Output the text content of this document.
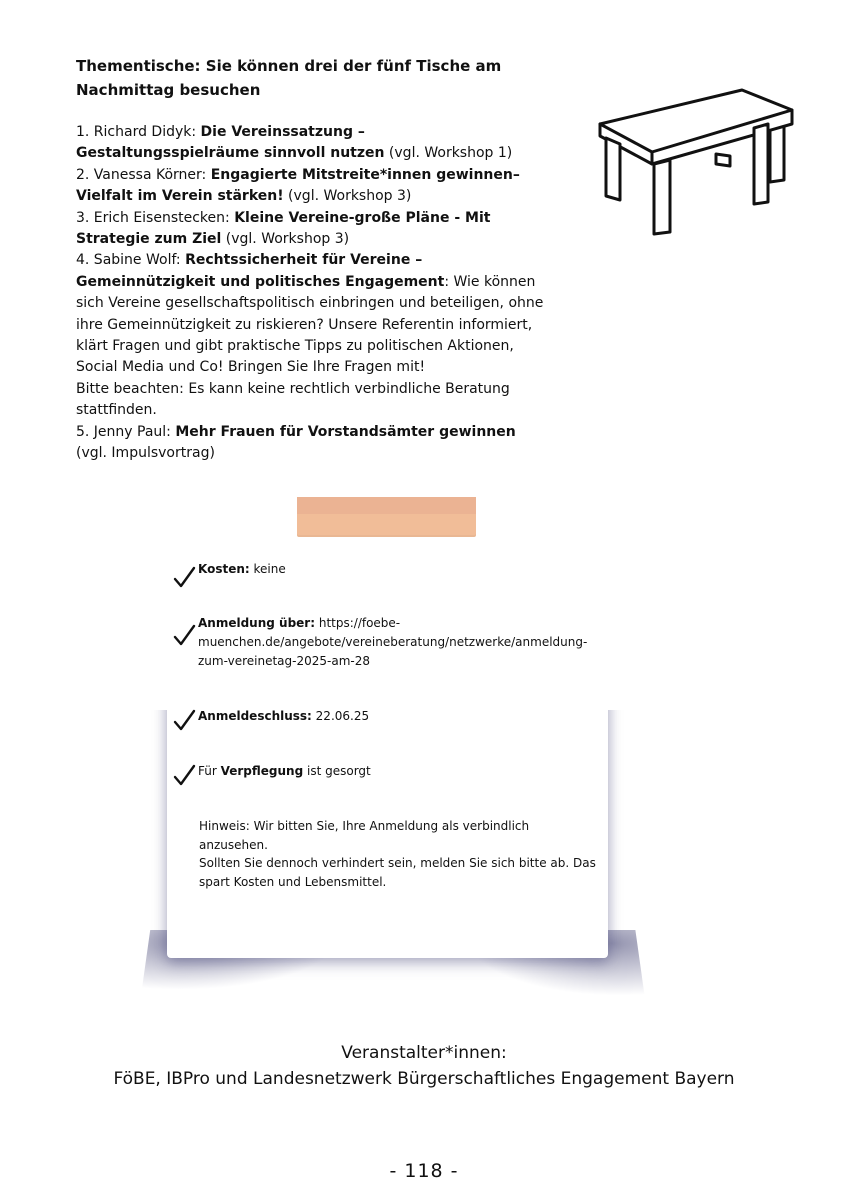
Thementische: Sie können drei der fünf Tische am
Nachmittag besuchen

1. Richard Didyk: Die Vereinssatzung – Gestaltungsspielräume sinnvoll nutzen (vgl. Workshop 1)

2. Vanessa Körner: Engagierte Mitstreite*innen gewinnen–Vielfalt im Verein stärken! (vgl. Workshop 3)

3. Erich Eisenstecken: Kleine Vereine-große Pläne - Mit Strategie zum Ziel (vgl. Workshop 3)

4. Sabine Wolf: Rechtssicherheit für Vereine – Gemeinnützigkeit und politisches Engagement: Wie können sich Vereine gesellschaftspolitisch einbringen und beteiligen, ohne ihre Gemeinnützigkeit zu riskieren? Unsere Referentin informiert, klärt Fragen und gibt praktische Tipps zu politischen Aktionen, Social Media und Co! Bringen Sie Ihre Fragen mit!

Bitte beachten: Es kann keine rechtlich verbindliche Beratung stattfinden.

5. Jenny Paul: Mehr Frauen für Vorstandsämter gewinnen (vgl. Impulsvortrag)

Kosten: keine
Anmeldung über: https://foebe-
muenchen.de/angebote/vereineberatung/netzwerke/anmeldung-
zum-vereinetag-2025-am-28
Anmeldeschluss: 22.06.25
Für Verpflegung ist gesorgt

Hinweis: Wir bitten Sie, Ihre Anmeldung als verbindlich anzusehen.

Sollten Sie dennoch verhindert sein, melden Sie sich bitte ab. Das spart Kosten und Lebensmittel.

Veranstalter*innen:
FöBE, IBPro und Landesnetzwerk Bürgerschaftliches Engagement Bayern
- 118 -
